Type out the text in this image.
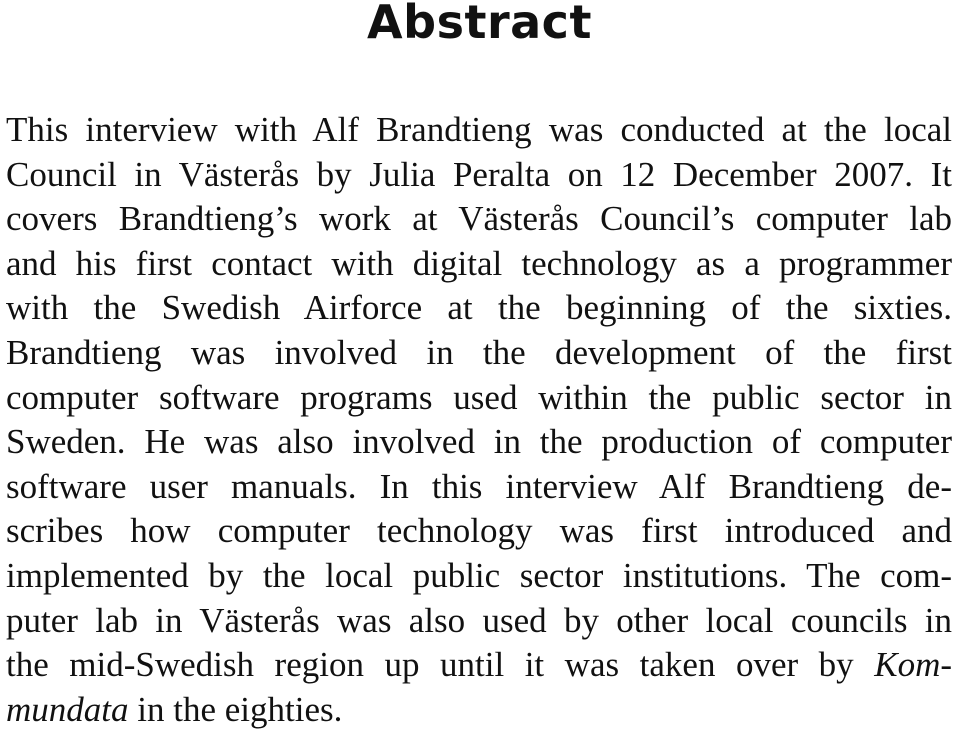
Abstract
This interview with Alf Brandtieng was conducted at the local
Council in Västerås by Julia Peralta on 12 December 2007. It
covers Brandtieng’s work at Västerås Council’s computer lab
and his first contact with digital technology as a programmer
with the Swedish Airforce at the beginning of the sixties.
Brandtieng was involved in the development of the first
computer software programs used within the public sector in
Sweden. He was also involved in the production of computer
software user manuals. In this interview Alf Brandtieng de-
scribes how computer technology was first introduced and
implemented by the local public sector institutions. The com-
puter lab in Västerås was also used by other local councils in
the mid-Swedish region up until it was taken over by Kom-
mundata in the eighties.
